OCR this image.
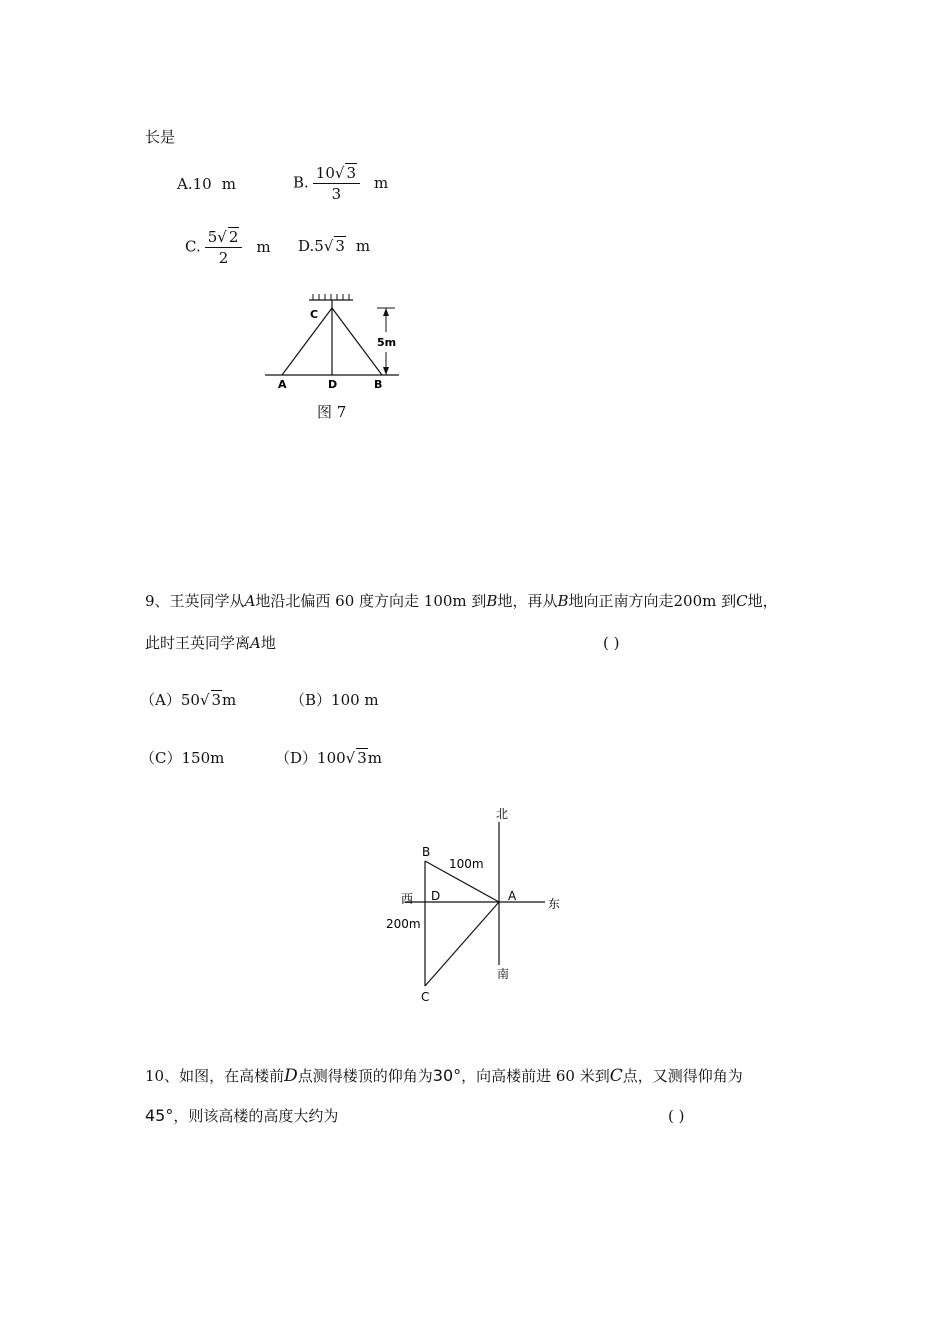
长是
A.10 m	B. $\frac{10√ 3}{3}$ m
C. $\frac{5√ 2}{2}$ m D.5√ 3 m
5m
C
A	D	B
图 7
9、王英同学从A地沿北偏西 60 度方向走 100m 到B地，再从B地向正南方向走200m 到C地，
此时王英同学离A地	( )
（A）50√ 3m	（B）100 m
（C）150m	（D）100√ 3m
北
南
东
西
B
A
D
C
100m
200m
10、如图，在高楼前D点测得楼顶的仰角为30°，向高楼前进 60 米到C点，又测得仰角为
45°，则该高楼的高度大约为	( )
